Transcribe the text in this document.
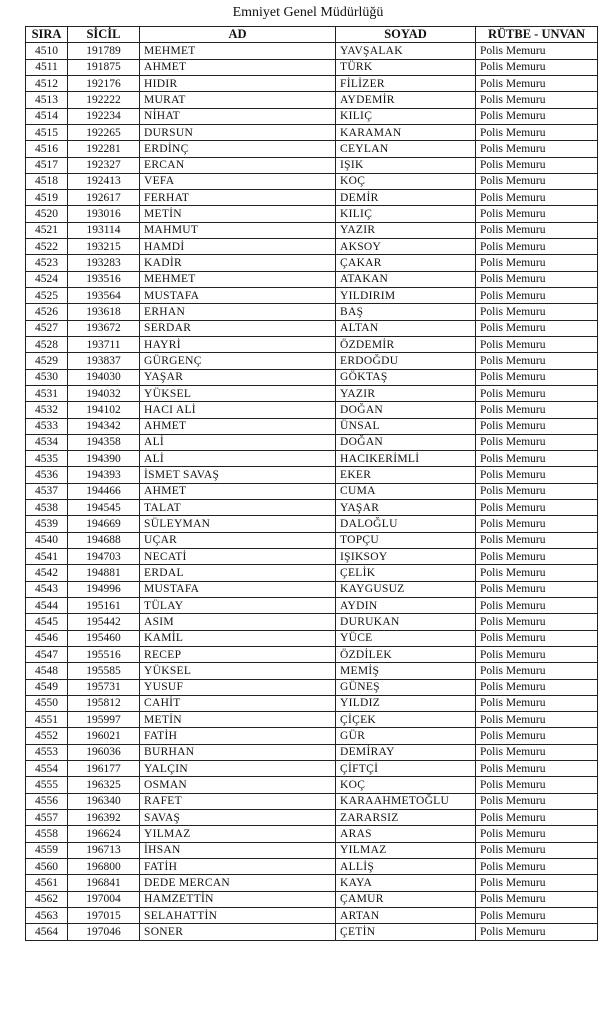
Emniyet Genel Müdürlüğü
SIRA	SİCİL	AD	SOYAD	RÜTBE - UNVAN
4510	191789	MEHMET	YAVŞALAK	Polis Memuru
4511	191875	AHMET	TÜRK	Polis Memuru
4512	192176	HIDIR	FİLİZER	Polis Memuru
4513	192222	MURAT	AYDEMİR	Polis Memuru
4514	192234	NİHAT	KILIÇ	Polis Memuru
4515	192265	DURSUN	KARAMAN	Polis Memuru
4516	192281	ERDİNÇ	CEYLAN	Polis Memuru
4517	192327	ERCAN	IŞIK	Polis Memuru
4518	192413	VEFA	KOÇ	Polis Memuru
4519	192617	FERHAT	DEMİR	Polis Memuru
4520	193016	METİN	KILIÇ	Polis Memuru
4521	193114	MAHMUT	YAZIR	Polis Memuru
4522	193215	HAMDİ	AKSOY	Polis Memuru
4523	193283	KADİR	ÇAKAR	Polis Memuru
4524	193516	MEHMET	ATAKAN	Polis Memuru
4525	193564	MUSTAFA	YILDIRIM	Polis Memuru
4526	193618	ERHAN	BAŞ	Polis Memuru
4527	193672	SERDAR	ALTAN	Polis Memuru
4528	193711	HAYRİ	ÖZDEMİR	Polis Memuru
4529	193837	GÜRGENÇ	ERDOĞDU	Polis Memuru
4530	194030	YAŞAR	GÖKTAŞ	Polis Memuru
4531	194032	YÜKSEL	YAZIR	Polis Memuru
4532	194102	HACI ALİ	DOĞAN	Polis Memuru
4533	194342	AHMET	ÜNSAL	Polis Memuru
4534	194358	ALİ	DOĞAN	Polis Memuru
4535	194390	ALİ	HACIKERİMLİ	Polis Memuru
4536	194393	İSMET SAVAŞ	EKER	Polis Memuru
4537	194466	AHMET	CUMA	Polis Memuru
4538	194545	TALAT	YAŞAR	Polis Memuru
4539	194669	SÜLEYMAN	DALOĞLU	Polis Memuru
4540	194688	UÇAR	TOPÇU	Polis Memuru
4541	194703	NECATİ	IŞIKSOY	Polis Memuru
4542	194881	ERDAL	ÇELİK	Polis Memuru
4543	194996	MUSTAFA	KAYGUSUZ	Polis Memuru
4544	195161	TÜLAY	AYDIN	Polis Memuru
4545	195442	ASIM	DURUKAN	Polis Memuru
4546	195460	KAMİL	YÜCE	Polis Memuru
4547	195516	RECEP	ÖZDİLEK	Polis Memuru
4548	195585	YÜKSEL	MEMİŞ	Polis Memuru
4549	195731	YUSUF	GÜNEŞ	Polis Memuru
4550	195812	CAHİT	YILDIZ	Polis Memuru
4551	195997	METİN	ÇİÇEK	Polis Memuru
4552	196021	FATİH	GÜR	Polis Memuru
4553	196036	BURHAN	DEMİRAY	Polis Memuru
4554	196177	YALÇIN	ÇİFTÇİ	Polis Memuru
4555	196325	OSMAN	KOÇ	Polis Memuru
4556	196340	RAFET	KARAAHMETOĞLU	Polis Memuru
4557	196392	SAVAŞ	ZARARSIZ	Polis Memuru
4558	196624	YILMAZ	ARAS	Polis Memuru
4559	196713	İHSAN	YILMAZ	Polis Memuru
4560	196800	FATİH	ALLİŞ	Polis Memuru
4561	196841	DEDE MERCAN	KAYA	Polis Memuru
4562	197004	HAMZETTİN	ÇAMUR	Polis Memuru
4563	197015	SELAHATTİN	ARTAN	Polis Memuru
4564	197046	SONER	ÇETİN	Polis Memuru
